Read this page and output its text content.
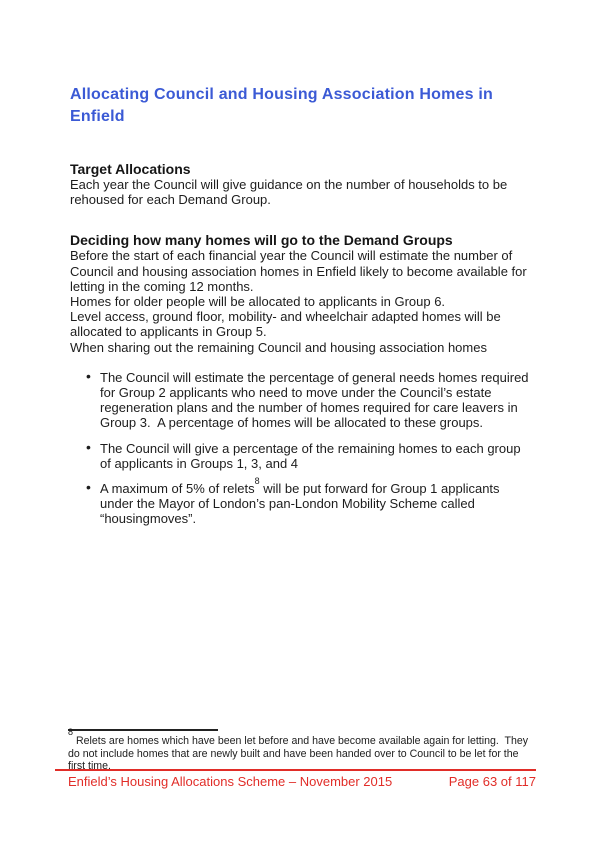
Allocating Council and Housing Association Homes in Enfield
Target Allocations

Each year the Council will give guidance on the number of households to be rehoused for each Demand Group.

Deciding how many homes will go to the Demand Groups

Before the start of each financial year the Council will estimate the number of Council and housing association homes in Enfield likely to become available for letting in the coming 12 months.

Homes for older people will be allocated to applicants in Group 6.

Level access, ground floor, mobility- and wheelchair adapted homes will be allocated to applicants in Group 5.

When sharing out the remaining Council and housing association homes

• The Council will estimate the percentage of general needs homes required for Group 2 applicants who need to move under the Council’s estate regeneration plans and the number of homes required for care leavers in Group 3.  A percentage of homes will be allocated to these groups.
• The Council will give a percentage of the remaining homes to each group of applicants in Groups 1, 3, and 4
• A maximum of 5% of relets$^8$ will be put forward for Group 1 applicants under the Mayor of London’s pan-London Mobility Scheme called “housingmoves”.
$^8$ Relets are homes which have been let before and have become available again for letting.  They do not include homes that are newly built and have been handed over to Council to be let for the first time.
Enfield’s Housing Allocations Scheme – November 2015	Page 63 of 117
